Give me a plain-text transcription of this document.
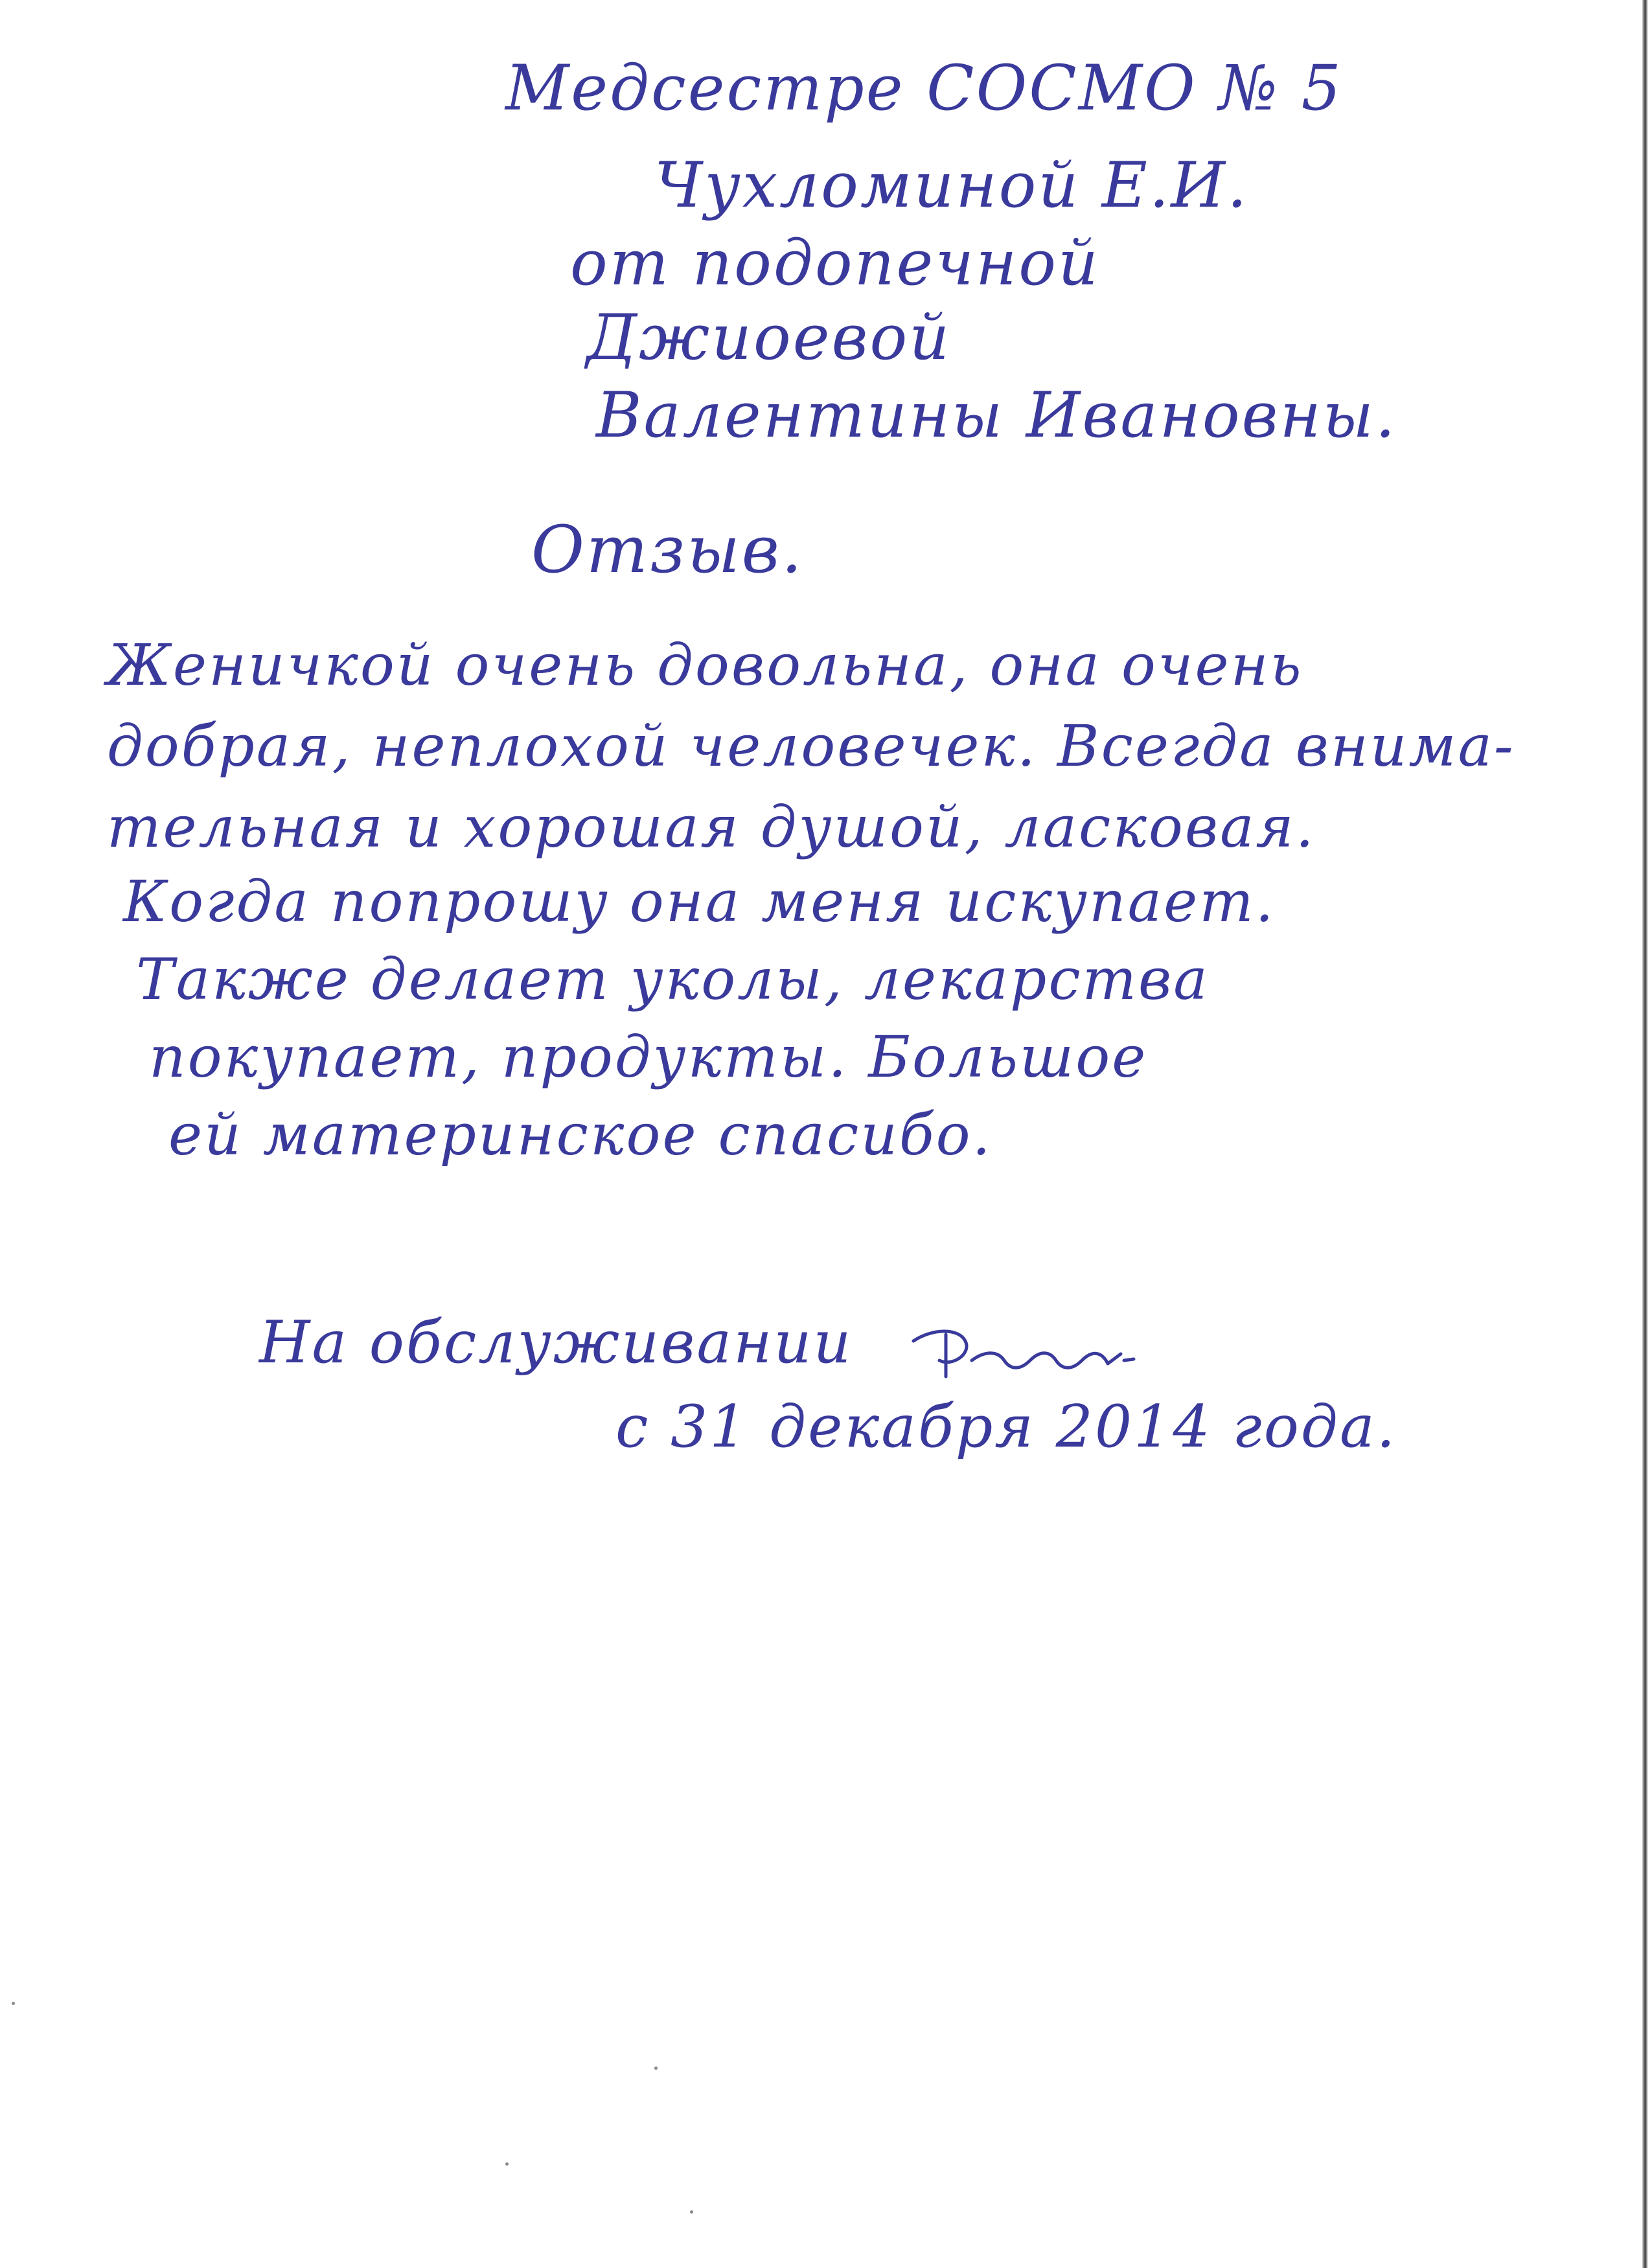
Медсестре СОСМО № 5
Чухломиной Е.И.
от подопечной
Джиоевой
Валентины Ивановны.
Отзыв.
Женичкой очень довольна, она очень
добрая, неплохой человечек. Всегда внима-
тельная и хорошая душой, ласковая.
Когда попрошу она меня искупает.
Также делает уколы, лекарства
покупает, продукты. Большое
ей материнское спасибо.
На обслуживании
с 31 декабря 2014 года.
